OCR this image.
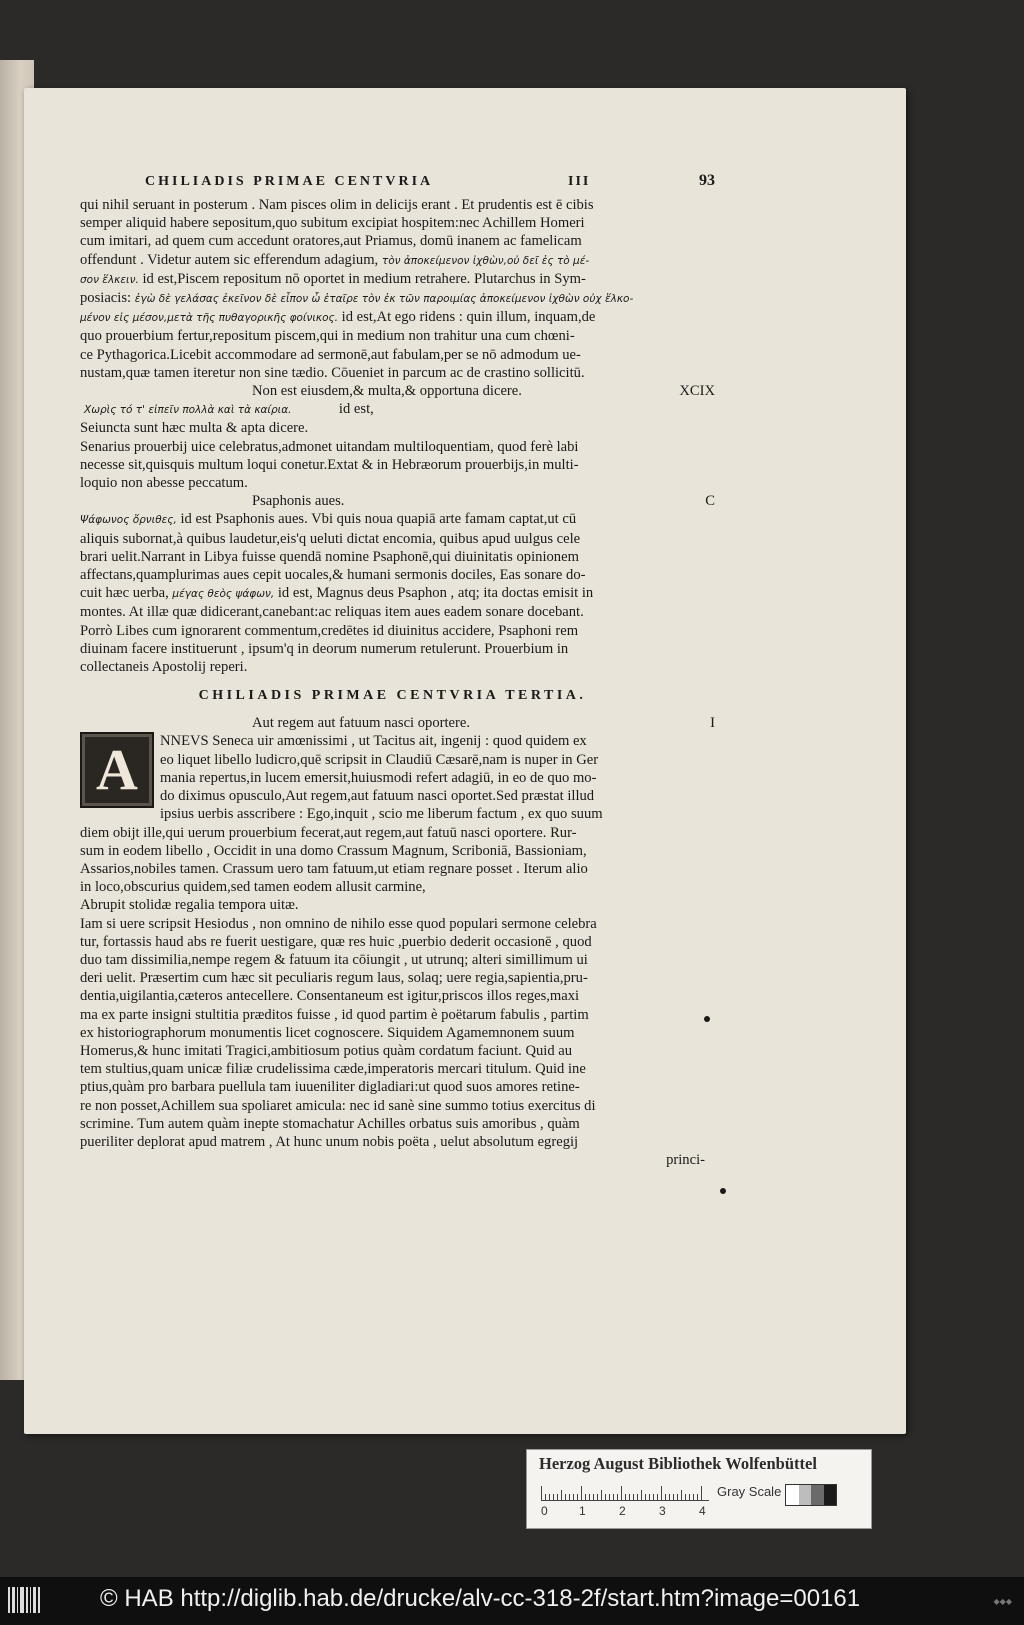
CHILIADIS PRIMAE CENTVRIA	III	93
qui nihil seruant in posterum . Nam pisces olim in delicijs erant . Et prudentis est ē cibis
semper aliquid habere sepositum,quo subitum excipiat hospitem:nec Achillem Homeri
cum imitari, ad quem cum accedunt oratores,aut Priamus, domū inanem ac famelicam
offendunt . Videtur autem sic efferendum adagium, τὸν ἀποκείμενον ἰχθὼν,οὐ δεῖ ἐς τὸ μέ-
σον ἕλκειν. id est,Piscem repositum nō oportet in medium retrahere. Plutarchus in Sym-
posiacis: ἐγὼ δὲ γελάσας ἐκεῖνον δὲ εἶπον ὦ ἑταῖρε τὸν ἐκ τῶν παροιμίας ἀποκείμενον ἰχθὼν οὐχ ἕλκο-
μένον εἰς μέσον,μετὰ τῆς πυθαγορικῆς φοίνικος. id est,At ego ridens : quin illum, inquam,de
quo prouerbium fertur,repositum piscem,qui in medium non trahitur una cum chœni-
ce Pythagorica.Licebit accommodare ad sermonē,aut fabulam,per se nō admodum ue-
nustam,quæ tamen iteretur non sine tædio. Cōueniet in parcum ac de crastino sollicitū.
Non est eiusdem,& multa,& opportuna dicere.	XCIX
Χωρὶς τό τ' εἰπεῖν πολλὰ καὶ τὰ καίρια.	id est,
Seiuncta sunt hæc multa & apta dicere.
Senarius prouerbij uice celebratus,admonet uitandam multiloquentiam, quod ferè labi
necesse sit,quisquis multum loqui conetur.Extat & in Hebræorum prouerbijs,in multi-
loquio non abesse peccatum.
Psaphonis aues.	C
Ψάφωνος ὄρνιθες, id est Psaphonis aues. Vbi quis noua quapiā arte famam captat,ut cū
aliquis subornat,à quibus laudetur,eis'q ueluti dictat encomia, quibus apud uulgus cele
brari uelit.Narrant in Libya fuisse quendā nomine Psaphonē,qui diuinitatis opinionem
affectans,quamplurimas aues cepit uocales,& humani sermonis dociles, Eas sonare do-
cuit hæc uerba, μέγας θεὸς ψάφων, id est, Magnus deus Psaphon , atq; ita doctas emisit in
montes. At illæ quæ didicerant,canebant:ac reliquas item aues eadem sonare docebant.
Porrò Libes cum ignorarent commentum,credētes id diuinitus accidere, Psaphoni rem
diuinam facere instituerunt , ipsum'q in deorum numerum retulerunt. Prouerbium in
collectaneis Apostolij reperi.
CHILIADIS PRIMAE CENTVRIA TERTIA.
Aut regem aut fatuum nasci oportere.	I
A	NNEVS Seneca uir amœnissimi , ut Tacitus ait, ingenij : quod quidem ex
eo liquet libello ludicro,quē scripsit in Claudiū Cæsarē,nam is nuper in Ger
mania repertus,in lucem emersit,huiusmodi refert adagiū, in eo de quo mo-
do diximus opusculo,Aut regem,aut fatuum nasci oportet.Sed præstat illud
ipsius uerbis asscribere : Ego,inquit , scio me liberum factum , ex quo suum
diem obijt ille,qui uerum prouerbium fecerat,aut regem,aut fatuū nasci oportere. Rur-
sum in eodem libello , Occidit in una domo Crassum Magnum, Scriboniā, Bassioniam,
Assarios,nobiles tamen. Crassum uero tam fatuum,ut etiam regnare posset . Iterum alio
in loco,obscurius quidem,sed tamen eodem allusit carmine,
Abrupit stolidæ regalia tempora uitæ.
Iam si uere scripsit Hesiodus , non omnino de nihilo esse quod populari sermone celebra
tur, fortassis haud abs re fuerit uestigare, quæ res huic ,puerbio dederit occasionē , quod
duo tam dissimilia,nempe regem & fatuum ita cōiungit , ut utrunq; alteri simillimum ui
deri uelit. Præsertim cum hæc sit peculiaris regum laus, solaq; uere regia,sapientia,pru-
dentia,uigilantia,cæteros antecellere. Consentaneum est igitur,priscos illos reges,maxi
ma ex parte insigni stultitia præditos fuisse , id quod partim è poëtarum fabulis , partim
ex historiographorum monumentis licet cognoscere. Siquidem Agamemnonem suum
Homerus,& hunc imitati Tragici,ambitiosum potius quàm cordatum faciunt. Quid au
tem stultius,quam unicæ filiæ crudelissima cæde,imperatoris mercari titulum. Quid ine
ptius,quàm pro barbara puellula tam iuueniliter digladiari:ut quod suos amores retine-
re non posset,Achillem sua spoliaret amicula: nec id sanè sine summo totius exercitus di
scrimine. Tum autem quàm inepte stomachatur Achilles orbatus suis amoribus , quàm
pueriliter deplorat apud matrem , At hunc unum nobis poëta , uelut absolutum egregij
princi-
Herzog August Bibliothek Wolfenbüttel
0	1	2	3	4
Gray Scale
© HAB http://diglib.hab.de/drucke/alv-cc-318-2f/start.htm?image=00161	◆◆◆
